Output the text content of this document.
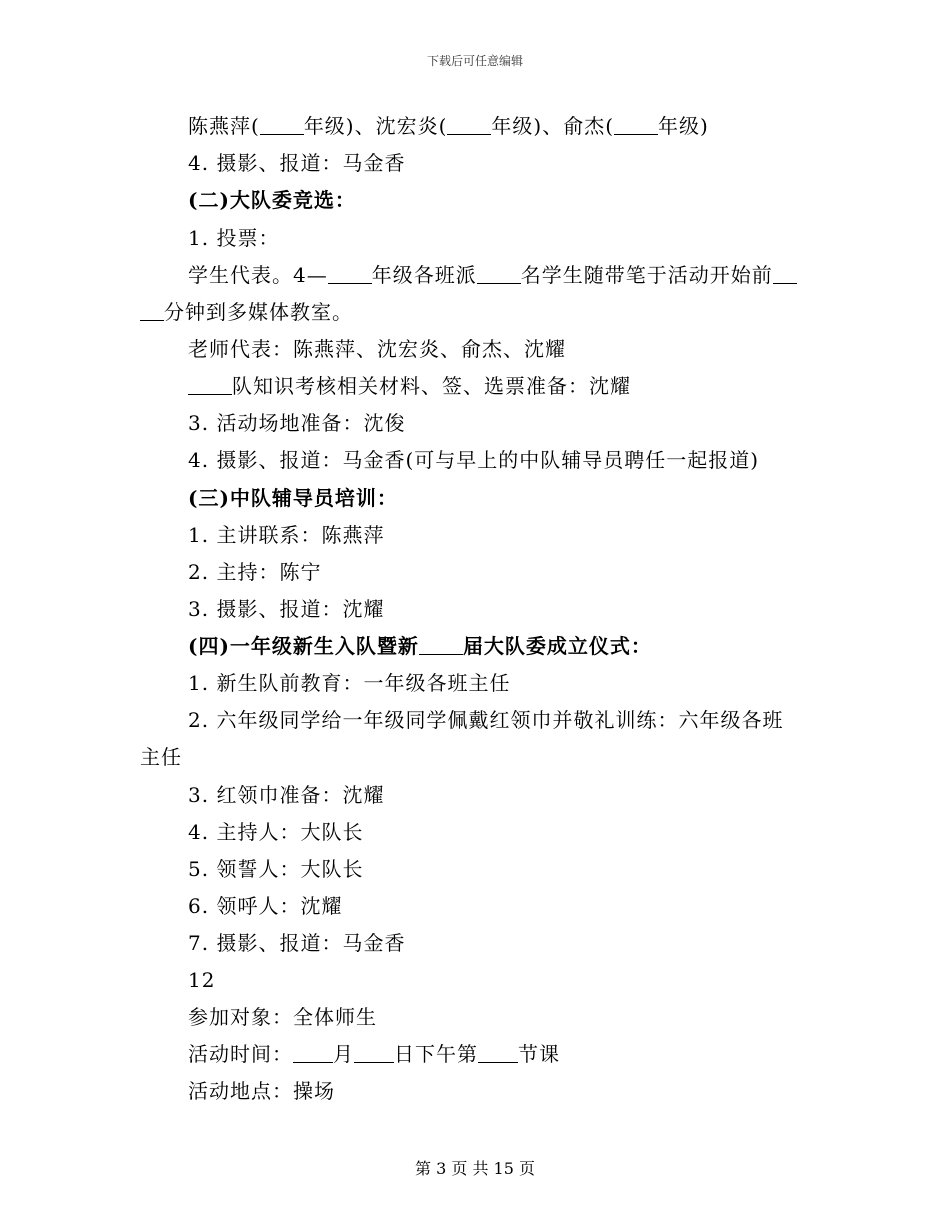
下载后可任意编辑
陈燕萍( 年级)、沈宏炎( 年级)、俞杰( 年级)
4. 摄影、报道：马金香
(二)大队委竞选：
1. 投票：
学生代表。4— 年级各班派 名学生随带笔于活动开始前
分钟到多媒体教室。
老师代表：陈燕萍、沈宏炎、俞杰、沈耀
队知识考核相关材料、签、选票准备：沈耀
3. 活动场地准备：沈俊
4. 摄影、报道：马金香(可与早上的中队辅导员聘任一起报道)
(三)中队辅导员培训：
1. 主讲联系：陈燕萍
2. 主持：陈宁
3. 摄影、报道：沈耀
(四)一年级新生入队暨新 届大队委成立仪式：
1. 新生队前教育：一年级各班主任
2. 六年级同学给一年级同学佩戴红领巾并敬礼训练：六年级各班
主任
3. 红领巾准备：沈耀
4. 主持人：大队长
5. 领誓人：大队长
6. 领呼人：沈耀
7. 摄影、报道：马金香
12
参加对象：全体师生
活动时间： 月 日下午第 节课
活动地点：操场
第 3 页 共 15 页
